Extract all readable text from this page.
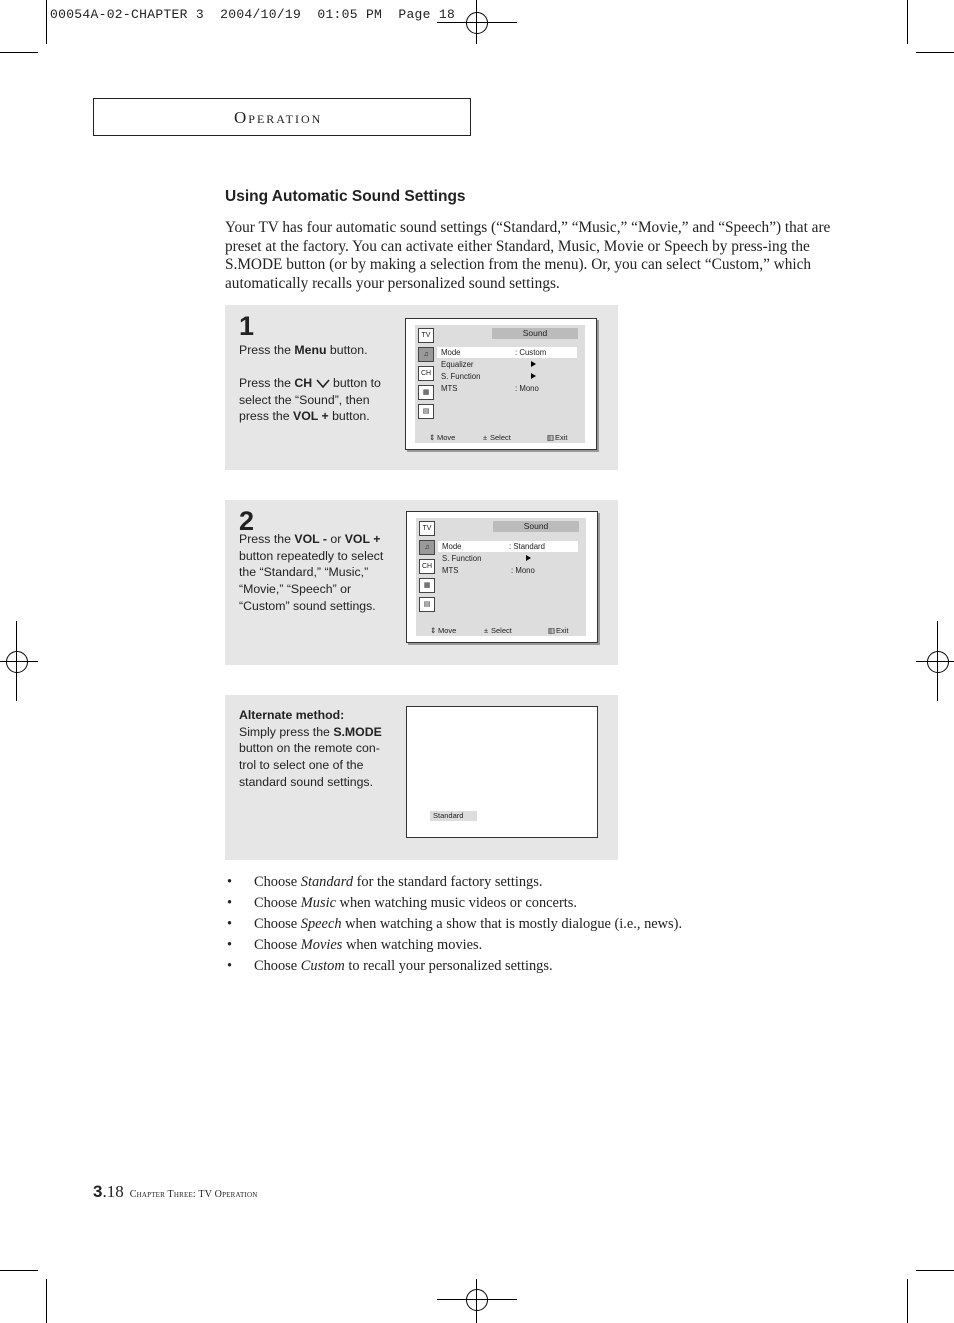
00054A-02-CHAPTER 3  2004/10/19  01:05 PM  Page 18
Operation
Using Automatic Sound Settings
Your TV has four automatic sound settings (“Standard,” “Music,” “Movie,” and “Speech”) that are preset at the factory. You can activate either Standard, Music, Movie or Speech by press-ing the S.MODE button (or by making a selection from the menu). Or, you can select “Custom,” which automatically recalls your personalized sound settings.
1
Press the Menu button.
Press the CH  button to select the “Sound”, then press the VOL + button.
TV
♫
CH
▦
▤
Sound
Mode	: Custom
Equalizer
S. Function
MTS	: Mono
⇕ Move	± Select	▥ Exit
2
Press the VOL - or VOL + button repeatedly to select the “Standard,” “Music,” “Movie,” “Speech” or “Custom” sound settings.
TV
♫
CH
▦
▤
Sound
Mode	: Standard
S. Function
MTS	: Mono
⇕ Move	± Select	▥ Exit
Alternate method:
Simply press the S.MODE button on the remote con-trol to select one of the standard sound settings.
Standard
• Choose Standard for the standard factory settings.
• Choose Music when watching music videos or concerts.
• Choose Speech when watching a show that is mostly dialogue (i.e., news).
• Choose Movies when watching movies.
• Choose Custom to recall your personalized settings.
3.18 Chapter Three: TV Operation
